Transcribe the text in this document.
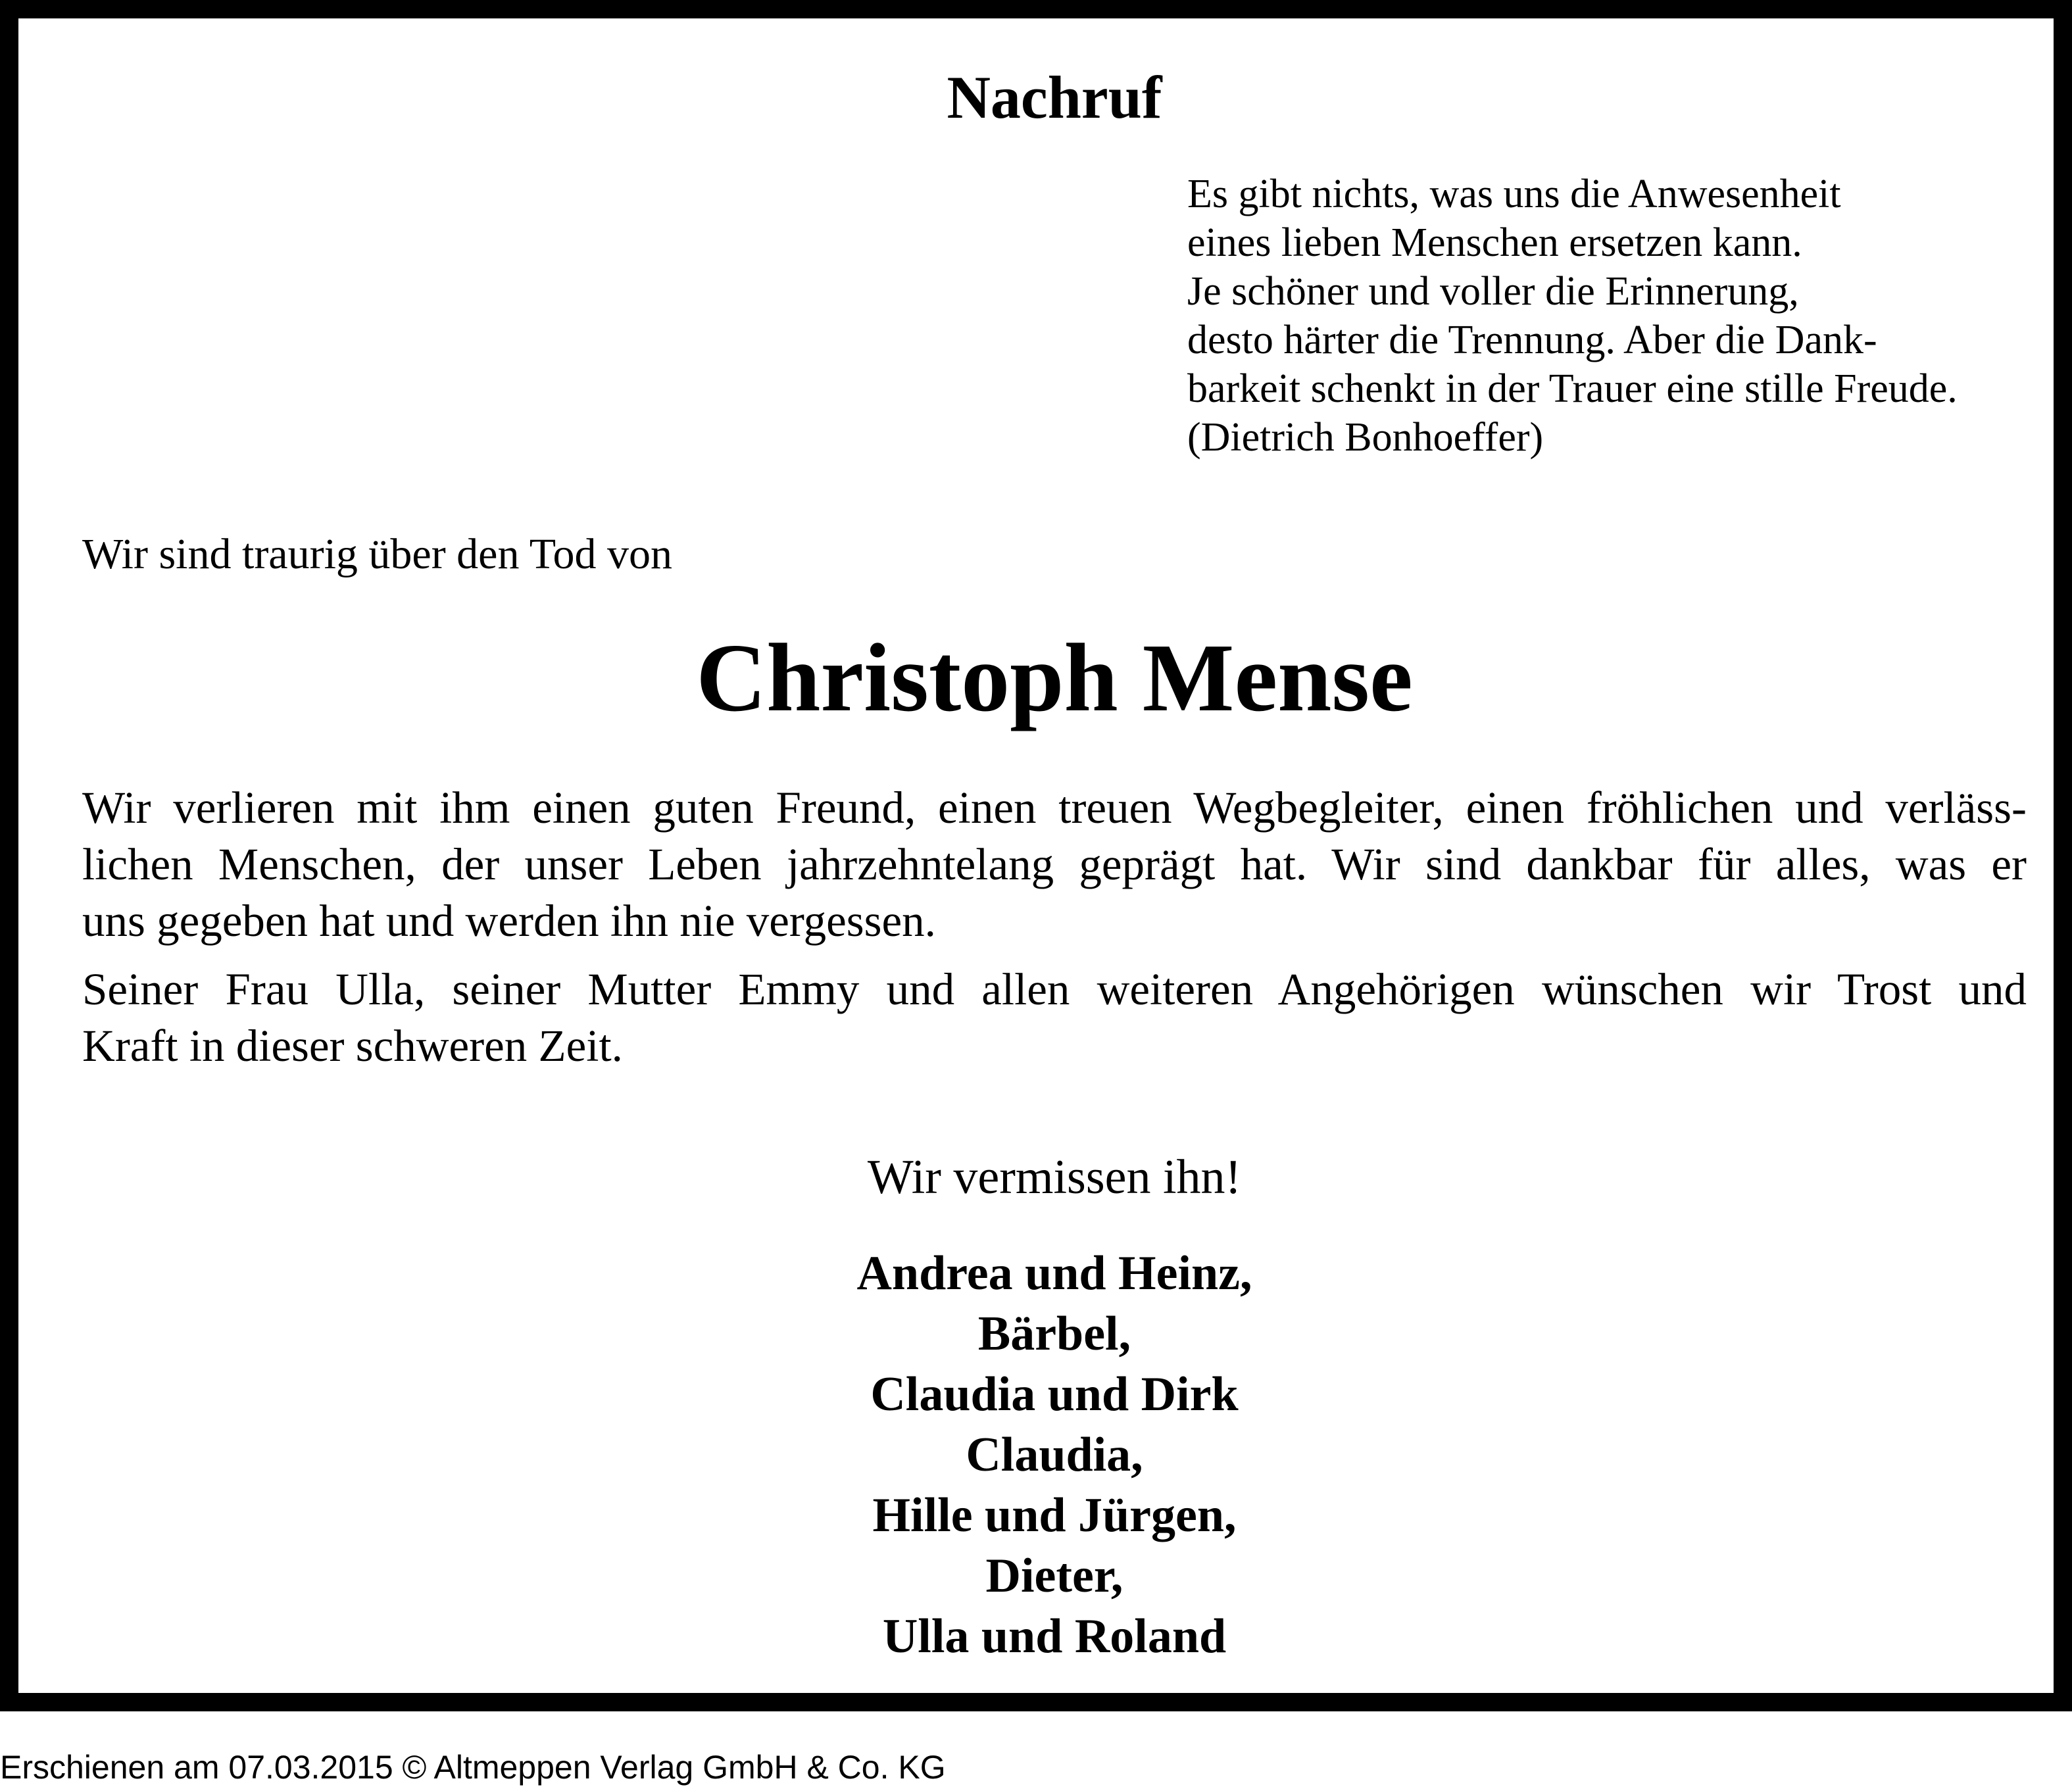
Nachruf
Es gibt nichts, was uns die Anwesenheit
eines lieben Menschen ersetzen kann.
Je schöner und voller die Erinnerung,
desto härter die Trennung. Aber die Dank-
barkeit schenkt in der Trauer eine stille Freude.
(Dietrich Bonhoeffer)
Wir sind traurig über den Tod von
Christoph Mense

Wir verlieren mit ihm einen guten Freund, einen treuen Wegbegleiter, einen fröhlichen und verläss-
lichen Menschen, der unser Leben jahrzehntelang geprägt hat. Wir sind dankbar für alles, was er
uns gegeben hat und werden ihn nie vergessen.

Seiner Frau Ulla, seiner Mutter Emmy und allen weiteren Angehörigen wünschen wir Trost und
Kraft in dieser schweren Zeit.

Wir vermissen ihn!
Andrea und Heinz,
Bärbel,
Claudia und Dirk
Claudia,
Hille und Jürgen,
Dieter,
Ulla und Roland
Erschienen am 07.03.2015 © Altmeppen Verlag GmbH & Co. KG
